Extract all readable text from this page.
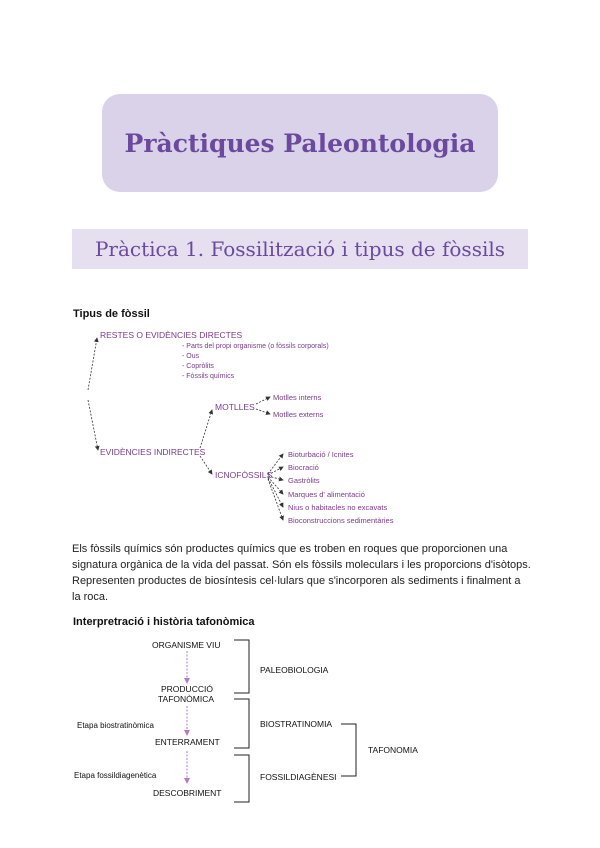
Pràctiques Paleontologia
Pràctica 1. Fossilització i tipus de fòssils
Tipus de fòssil
RESTES O EVIDÈNCIES DIRECTES
- Parts del propi organisme (o fòssils corporals)
- Ous
- Copròlits
- Fòssils químics
EVIDÈNCIES INDIRECTES
MOTLLES
Motlles interns
Motlles externs
ICNOFÒSSILS
Bioturbació / Icnites
Biocració
Gastròlits
Marques d' alimentació
Nius o habitacles no excavats
Bioconstruccions sedimentàries
ORGANISME VIU
PRODUCCIÓ
TAFONÒMICA
ENTERRAMENT
DESCOBRIMENT
Etapa biostratinòmica
Etapa fossildiagenètica
PALEOBIOLOGIA
BIOSTRATINOMIA
FOSSILDIAGÈNESI
TAFONOMIA
Els fòssils químics són productes químics que es troben en roques que proporcionen una signatura orgànica de la vida del passat. Són els fòssils moleculars i les proporcions d'isòtops. Representen productes de biosíntesis cel·lulars que s'incorporen als sediments i finalment a la roca.
Interpretració i història tafonòmica
